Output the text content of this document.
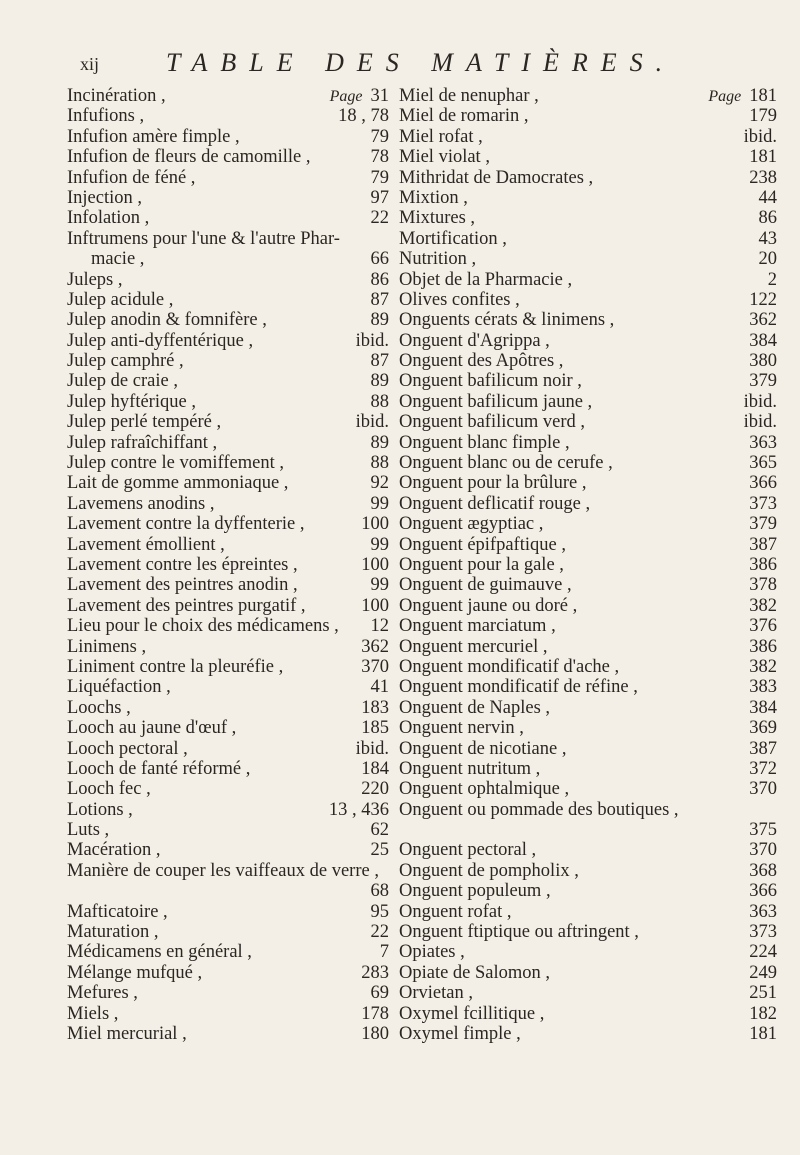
xij	TABLE DES MATIÈRES.
Incinération ,	Page 31
Infufions ,	18 , 78
Infufion amère fimple ,	79
Infufion de fleurs de camomille ,	78
Infufion de féné ,	79
Injection ,	97
Infolation ,	22
Inftrumens pour l'une & l'autre Phar-
macie ,	66
Juleps ,	86
Julep acidule ,	87
Julep anodin & fomnifère ,	89
Julep anti-dyffentérique ,	ibid.
Julep camphré ,	87
Julep de craie ,	89
Julep hyftérique ,	88
Julep perlé tempéré ,	ibid.
Julep rafraîchiffant ,	89
Julep contre le vomiffement ,	88
Lait de gomme ammoniaque ,	92
Lavemens anodins ,	99
Lavement contre la dyffenterie ,	100
Lavement émollient ,	99
Lavement contre les épreintes ,	100
Lavement des peintres anodin ,	99
Lavement des peintres purgatif ,	100
Lieu pour le choix des médicamens , 12
Linimens ,	362
Liniment contre la pleuréfie ,	370
Liquéfaction ,	41
Loochs ,	183
Looch au jaune d'œuf ,	185
Looch pectoral ,	ibid.
Looch de fanté réformé ,	184
Looch fec ,	220
Lotions ,	13 , 436
Luts ,	62
Macération ,	25
Manière de couper les vaiffeaux de verre ,
68
Mafticatoire ,	95
Maturation ,	22
Médicamens en général ,	7
Mélange mufqué ,	283
Mefures ,	69
Miels ,	178
Miel mercurial ,	180
Miel de nenuphar ,	Page 181
Miel de romarin ,	179
Miel rofat ,	ibid.
Miel violat ,	181
Mithridat de Damocrates ,	238
Mixtion ,	44
Mixtures ,	86
Mortification ,	43
Nutrition ,	20
Objet de la Pharmacie ,	2
Olives confites ,	122
Onguents cérats & linimens ,	362
Onguent d'Agrippa ,	384
Onguent des Apôtres ,	380
Onguent bafilicum noir ,	379
Onguent bafilicum jaune ,	ibid.
Onguent bafilicum verd ,	ibid.
Onguent blanc fimple ,	363
Onguent blanc ou de cerufe ,	365
Onguent pour la brûlure ,	366
Onguent deflicatif rouge ,	373
Onguent ægyptiac ,	379
Onguent épifpaftique ,	387
Onguent pour la gale ,	386
Onguent de guimauve ,	378
Onguent jaune ou doré ,	382
Onguent marciatum ,	376
Onguent mercuriel ,	386
Onguent mondificatif d'ache ,	382
Onguent mondificatif de réfine ,	383
Onguent de Naples ,	384
Onguent nervin ,	369
Onguent de nicotiane ,	387
Onguent nutritum ,	372
Onguent ophtalmique ,	370
Onguent ou pommade des boutiques ,
375
Onguent pectoral ,	370
Onguent de pompholix ,	368
Onguent populeum ,	366
Onguent rofat ,	363
Onguent ftiptique ou aftringent ,	373
Opiates ,	224
Opiate de Salomon ,	249
Orvietan ,	251
Oxymel fcillitique ,	182
Oxymel fimple ,	181
